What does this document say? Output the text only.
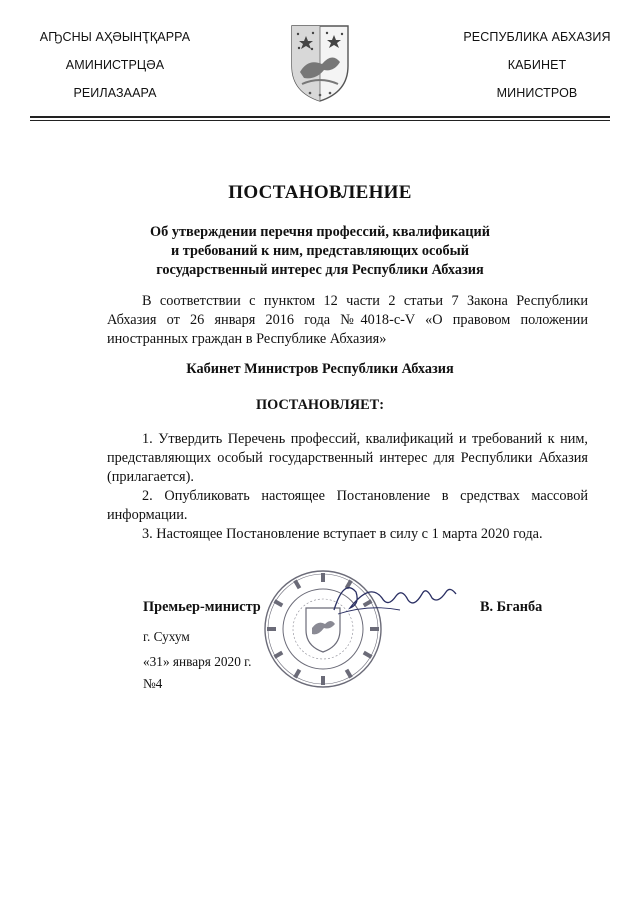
АҦСНЫ АҲӘЫНҬҚАРРА
АМИНИСТРЦӘА
РЕИЛАЗААРА
РЕСПУБЛИКА АБХАЗИЯ
КАБИНЕТ
МИНИСТРОВ
ПОСТАНОВЛЕНИЕ
Об утверждении перечня профессий, квалификаций
и требований к ним, представляющих особый
государственный интерес для Республики Абхазия
В соответствии с пунктом 12 части 2 статьи 7 Закона Республики Абхазия от 26 января 2016 года №4018-с-V «О правовом положении иностранных граждан в Республике Абхазия»
Кабинет Министров Республики Абхазия
ПОСТАНОВЛЯЕТ:
1. Утвердить Перечень профессий, квалификаций и требований к ним, представляющих особый государственный интерес для Республики Абхазия (прилагается).
2. Опубликовать настоящее Постановление в средствах массовой информации.
3. Настоящее Постановление вступает в силу с 1 марта 2020 года.
Премьер-министр	В. Бганба
г. Сухум
«31» января 2020 г.
№4
